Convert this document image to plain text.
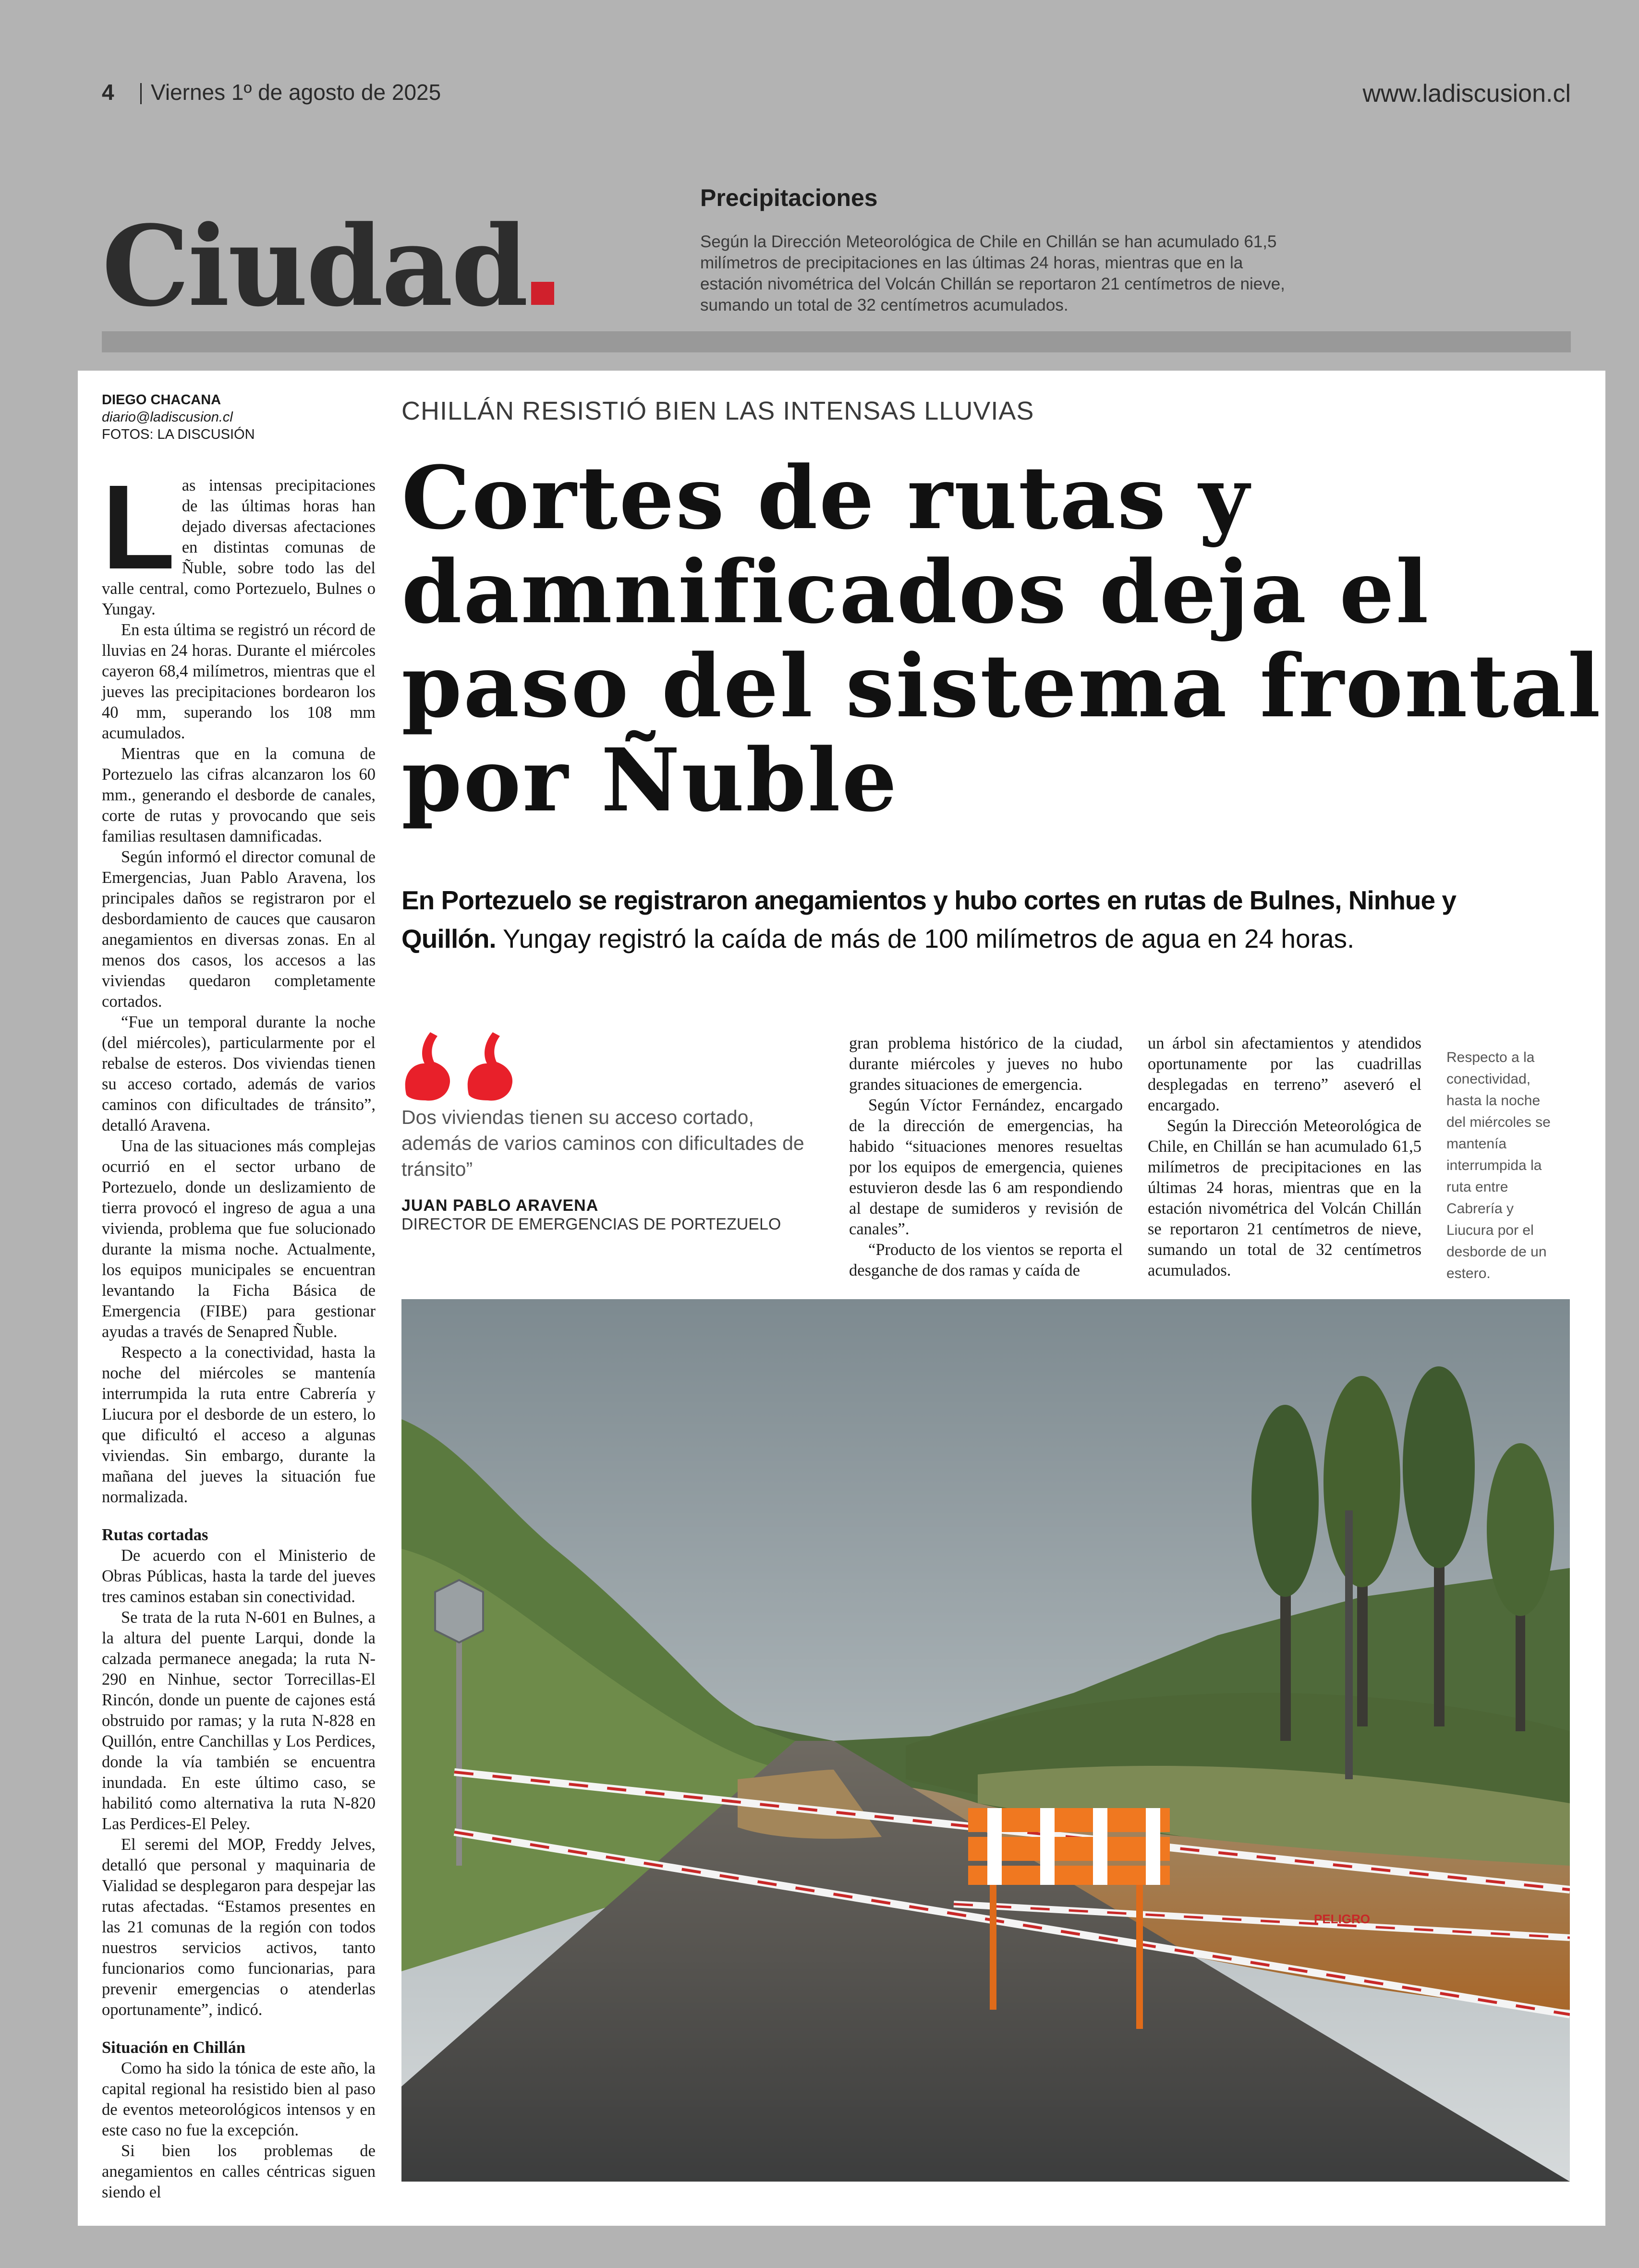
4 Viernes 1º de agosto de 2025	www.ladiscusion.cl
Ciudad
Precipitaciones
Según la Dirección Meteorológica de Chile en Chillán se han acumulado 61,5 milímetros de precipitaciones en las últimas 24 horas, mientras que en la estación nivométrica del Volcán Chillán se reportaron 21 centímetros de nieve, sumando un total de 32 centímetros acumulados.
DIEGO CHACANA
diario@ladiscusion.cl
FOTOS: LA DISCUSIÓN
CHILLÁN RESISTIÓ BIEN LAS INTENSAS LLUVIAS
Cortes de rutas y damnificados deja el paso del sistema frontal por Ñuble
En Portezuelo se registraron anegamientos y hubo cortes en rutas de Bulnes, Ninhue y Quillón. Yungay registró la caída de más de 100 milímetros de agua en 24 horas.

Las intensas precipitaciones de las últimas horas han dejado diversas afectaciones en distintas comunas de Ñuble, sobre todo las del valle central, como Portezuelo, Bulnes o Yungay.

En esta última se registró un récord de lluvias en 24 horas. Durante el miércoles cayeron 68,4 milímetros, mientras que el jueves las precipitaciones bordearon los 40 mm, superando los 108 mm acumulados.

Mientras que en la comuna de Portezuelo las cifras alcanzaron los 60 mm., generando el desborde de canales, corte de rutas y provocando que seis familias resultasen damnificadas.

Según informó el director comunal de Emergencias, Juan Pablo Aravena, los principales daños se registraron por el desbordamiento de cauces que causaron anegamientos en diversas zonas. En al menos dos casos, los accesos a las viviendas quedaron completamente cortados.

“Fue un temporal durante la noche (del miércoles), particularmente por el rebalse de esteros. Dos viviendas tienen su acceso cortado, además de varios caminos con dificultades de tránsito”, detalló Aravena.

Una de las situaciones más complejas ocurrió en el sector urbano de Portezuelo, donde un deslizamiento de tierra provocó el ingreso de agua a una vivienda, problema que fue solucionado durante la misma noche. Actualmente, los equipos municipales se encuentran levantando la Ficha Básica de Emergencia (FIBE) para gestionar ayudas a través de Senapred Ñuble.

Respecto a la conectividad, hasta la noche del miércoles se mantenía interrumpida la ruta entre Cabrería y Liucura por el desborde de un estero, lo que dificultó el acceso a algunas viviendas. Sin embargo, durante la mañana del jueves la situación fue normalizada.

Rutas cortadas

De acuerdo con el Ministerio de Obras Públicas, hasta la tarde del jueves tres caminos estaban sin conectividad.

Se trata de la ruta N-601 en Bulnes, a la altura del puente Larqui, donde la calzada permanece anegada; la ruta N-290 en Ninhue, sector Torrecillas-El Rincón, donde un puente de cajones está obstruido por ramas; y la ruta N-828 en Quillón, entre Canchillas y Los Perdices, donde la vía también se encuentra inundada. En este último caso, se habilitó como alternativa la ruta N-820 Las Perdices-El Peley.

El seremi del MOP, Freddy Jelves, detalló que personal y maquinaria de Vialidad se desplegaron para despejar las rutas afectadas. “Estamos presentes en las 21 comunas de la región con todos nuestros servicios activos, tanto funcionarios como funcionarias, para prevenir emergencias o atenderlas oportunamente”, indicó.

Situación en Chillán

Como ha sido la tónica de este año, la capital regional ha resistido bien al paso de eventos meteorológicos intensos y en este caso no fue la excepción.

Si bien los problemas de anegamientos en calles céntricas siguen siendo el

Dos viviendas tienen su acceso cortado, además de varios caminos con dificultades de tránsito”
JUAN PABLO ARAVENA
DIRECTOR DE EMERGENCIAS DE PORTEZUELO

gran problema histórico de la ciudad, durante miércoles y jueves no hubo grandes situaciones de emergencia.

Según Víctor Fernández, encargado de la dirección de emergencias, ha habido “situaciones menores resueltas por los equipos de emergencia, quienes estuvieron desde las 6 am respondiendo al destape de sumideros y revisión de canales”.

“Producto de los vientos se reporta el desganche de dos ramas y caída de

un árbol sin afectamientos y atendidos oportunamente por las cuadrillas desplegadas en terreno” aseveró el encargado.

Según la Dirección Meteorológica de Chile, en Chillán se han acumulado 61,5 milímetros de precipitaciones en las últimas 24 horas, mientras que en la estación nivométrica del Volcán Chillán se reportaron 21 centímetros de nieve, sumando un total de 32 centímetros acumulados.

Respecto a la conectividad, hasta la noche del miércoles se mantenía interrumpida la ruta entre Cabrería y Liucura por el desborde de un estero.
PELIGRO
